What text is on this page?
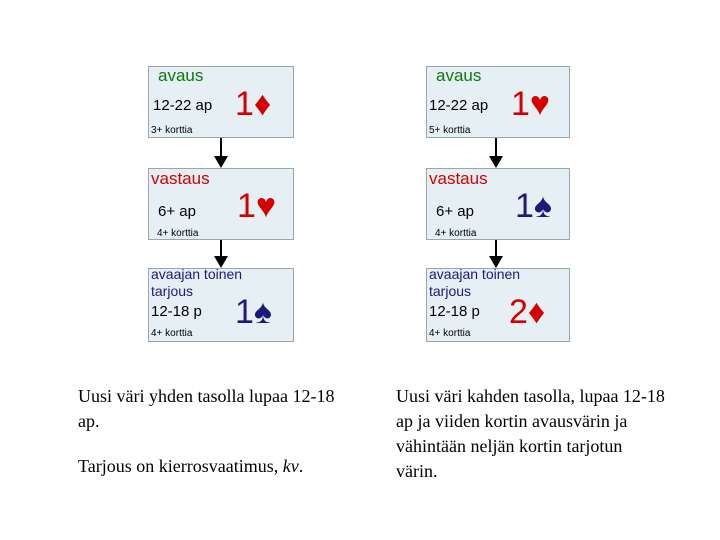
avaus
12-22 ap
3+ korttia
1♦
vastaus
6+ ap
4+ korttia
1♥
avaajan toinen
tarjous
12-18 p
4+ korttia
1♠

Uusi väri yhden tasolla lupaa 12-18 ap.

Tarjous on kierrosvaatimus, kv.

avaus
12-22 ap
5+ korttia
1♥
vastaus
6+ ap
4+ korttia
1♠
avaajan toinen
tarjous
12-18 p
4+ korttia
2♦

Uusi väri kahden tasolla, lupaa 12-18 ap ja viiden kortin avausvärin ja vähintään neljän kortin tarjotun värin.
